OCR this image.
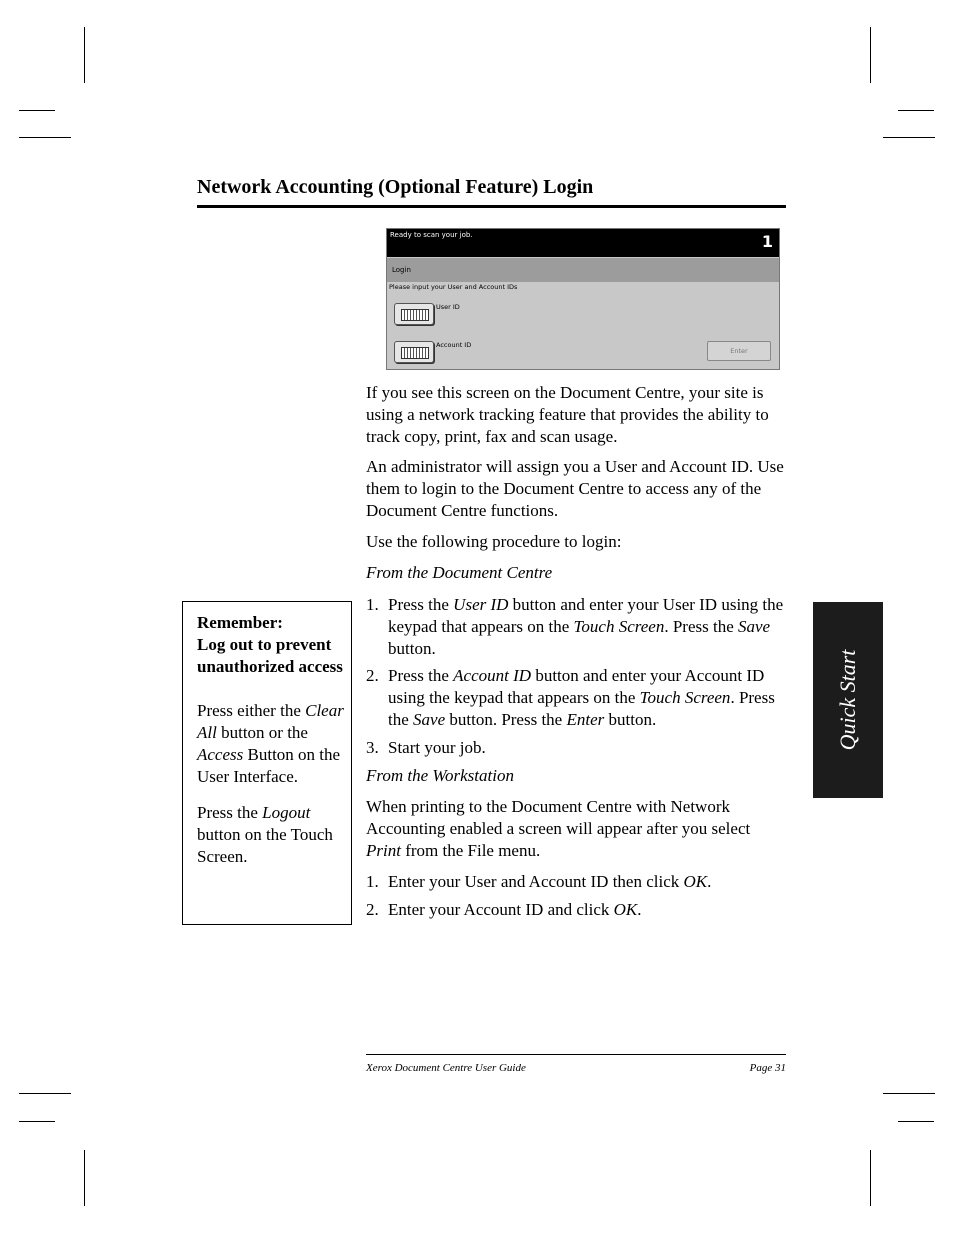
Network Accounting (Optional Feature) Login
Ready to scan your job.	1
Login
Please input your User and Account IDs
User ID
Account ID
Enter

If you see this screen on the Document Centre, your site is using a network tracking feature that provides the ability to track copy, print, fax and scan usage.

An administrator will assign you a User and Account ID. Use them to login to the Document Centre to access any of the Document Centre functions.

Use the following procedure to login:

From the Document Centre
1. Press the User ID button and enter your User ID using the keypad that appears on the Touch Screen. Press the Save button.
2. Press the Account ID button and enter your Account ID using the keypad that appears on the Touch Screen. Press the Save button. Press the Enter button.
3. Start your job.
From the Workstation

When printing to the Document Centre with Network Accounting enabled a screen will appear after you select Print from the File menu.

1. Enter your User and Account ID then click OK.
2. Enter your Account ID and click OK.
Remember:
Log out to prevent unauthorized access
Press either the Clear All button or the Access Button on the User Interface.
Press the Logout button on the Touch Screen.
Quick Start
Xerox Document Centre User Guide	Page 31
